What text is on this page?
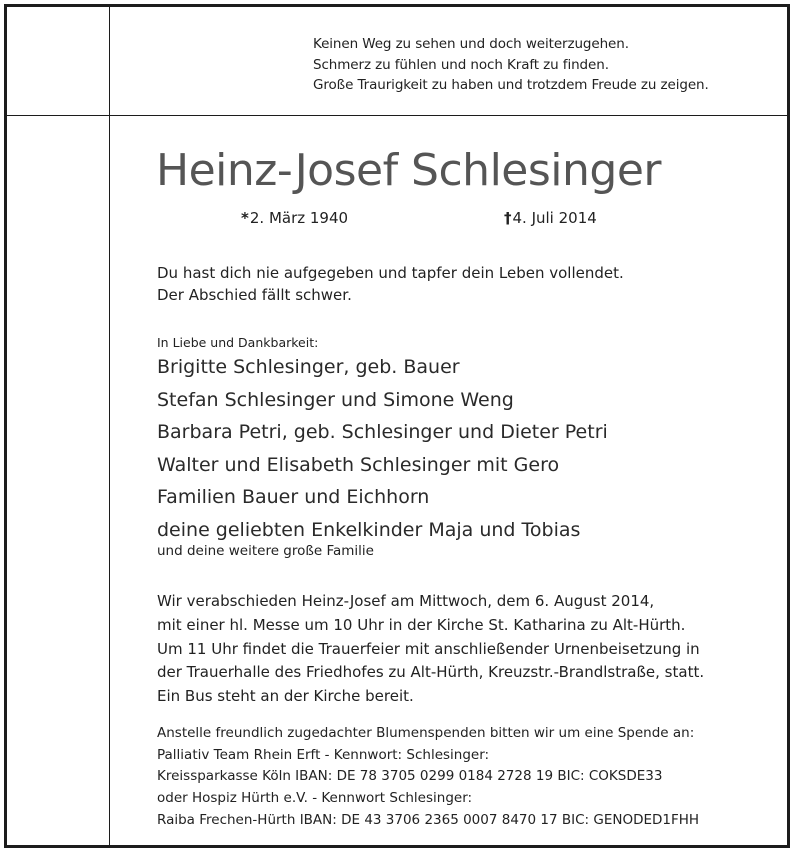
Keinen Weg zu sehen und doch weiterzugehen.
Schmerz zu fühlen und noch Kraft zu finden.
Große Traurigkeit zu haben und trotzdem Freude zu zeigen.
Heinz-Josef Schlesinger
*2. März 1940	†4. Juli 2014
Du hast dich nie aufgegeben und tapfer dein Leben vollendet.
Der Abschied fällt schwer.
In Liebe und Dankbarkeit:
Brigitte Schlesinger, geb. Bauer
Stefan Schlesinger und Simone Weng
Barbara Petri, geb. Schlesinger und Dieter Petri
Walter und Elisabeth Schlesinger mit Gero
Familien Bauer und Eichhorn
deine geliebten Enkelkinder Maja und Tobias
und deine weitere große Familie
Wir verabschieden Heinz-Josef am Mittwoch, dem 6. August 2014,
mit einer hl. Messe um 10 Uhr in der Kirche St. Katharina zu Alt-Hürth.
Um 11 Uhr findet die Trauerfeier mit anschließender Urnenbeisetzung in
der Trauerhalle des Friedhofes zu Alt-Hürth, Kreuzstr.-Brandlstraße, statt.
Ein Bus steht an der Kirche bereit.
Anstelle freundlich zugedachter Blumenspenden bitten wir um eine Spende an:
Palliativ Team Rhein Erft - Kennwort: Schlesinger:
Kreissparkasse Köln IBAN: DE 78 3705 0299 0184 2728 19 BIC: COKSDE33
oder Hospiz Hürth e.V. - Kennwort Schlesinger:
Raiba Frechen-Hürth IBAN: DE 43 3706 2365 0007 8470 17 BIC: GENODED1FHH
